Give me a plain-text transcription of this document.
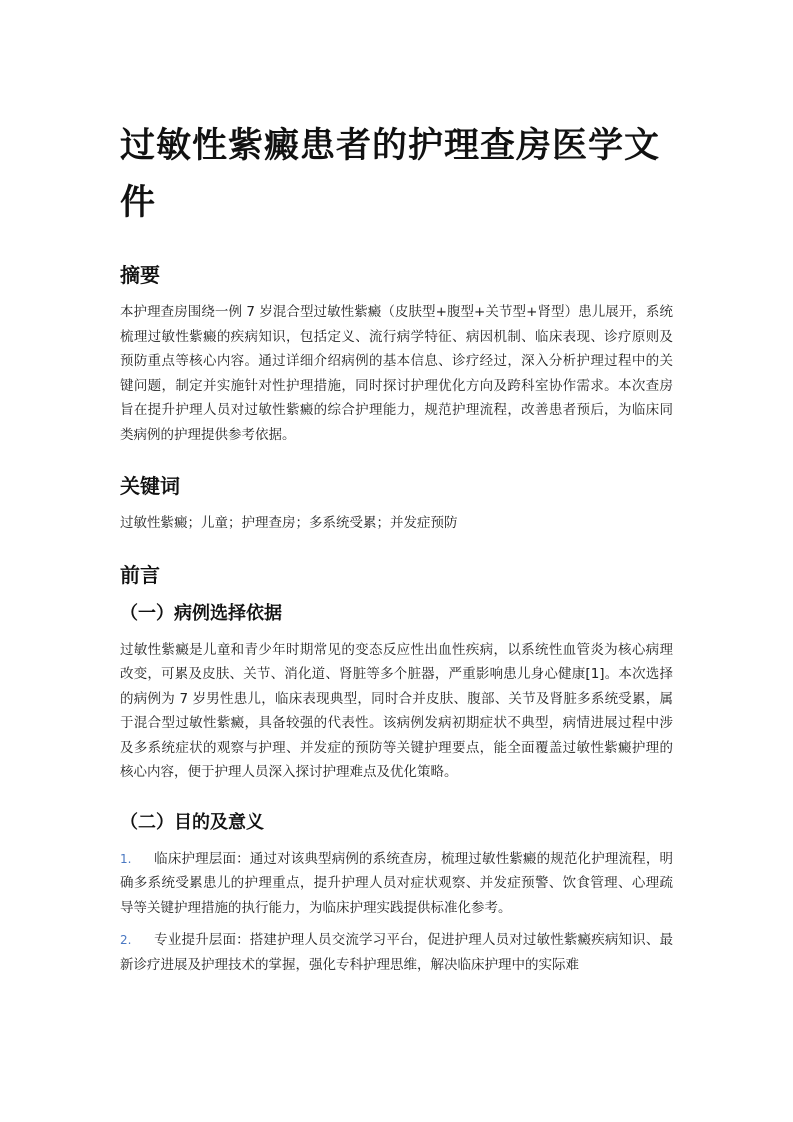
过敏性紫癜患者的护理查房医学文件
摘要

本护理查房围绕一例 7 岁混合型过敏性紫癜（皮肤型+腹型+关节型+肾型）患儿展开，系统梳理过敏性紫癜的疾病知识，包括定义、流行病学特征、病因机制、临床表现、诊疗原则及预防重点等核心内容。通过详细介绍病例的基本信息、诊疗经过，深入分析护理过程中的关键问题，制定并实施针对性护理措施，同时探讨护理优化方向及跨科室协作需求。本次查房旨在提升护理人员对过敏性紫癜的综合护理能力，规范护理流程，改善患者预后，为临床同类病例的护理提供参考依据。

关键词

过敏性紫癜；儿童；护理查房；多系统受累；并发症预防

前言
（一）病例选择依据

过敏性紫癜是儿童和青少年时期常见的变态反应性出血性疾病，以系统性血管炎为核心病理改变，可累及皮肤、关节、消化道、肾脏等多个脏器，严重影响患儿身心健康[1]。本次选择的病例为 7 岁男性患儿，临床表现典型，同时合并皮肤、腹部、关节及肾脏多系统受累，属于混合型过敏性紫癜，具备较强的代表性。该病例发病初期症状不典型，病情进展过程中涉及多系统症状的观察与护理、并发症的预防等关键护理要点，能全面覆盖过敏性紫癜护理的核心内容，便于护理人员深入探讨护理难点及优化策略。

（二）目的及意义

1. 临床护理层面：通过对该典型病例的系统查房，梳理过敏性紫癜的规范化护理流程，明确多系统受累患儿的护理重点，提升护理人员对症状观察、并发症预警、饮食管理、心理疏导等关键护理措施的执行能力，为临床护理实践提供标准化参考。

2. 专业提升层面：搭建护理人员交流学习平台，促进护理人员对过敏性紫癜疾病知识、最新诊疗进展及护理技术的掌握，强化专科护理思维，解决临床护理中的实际难
